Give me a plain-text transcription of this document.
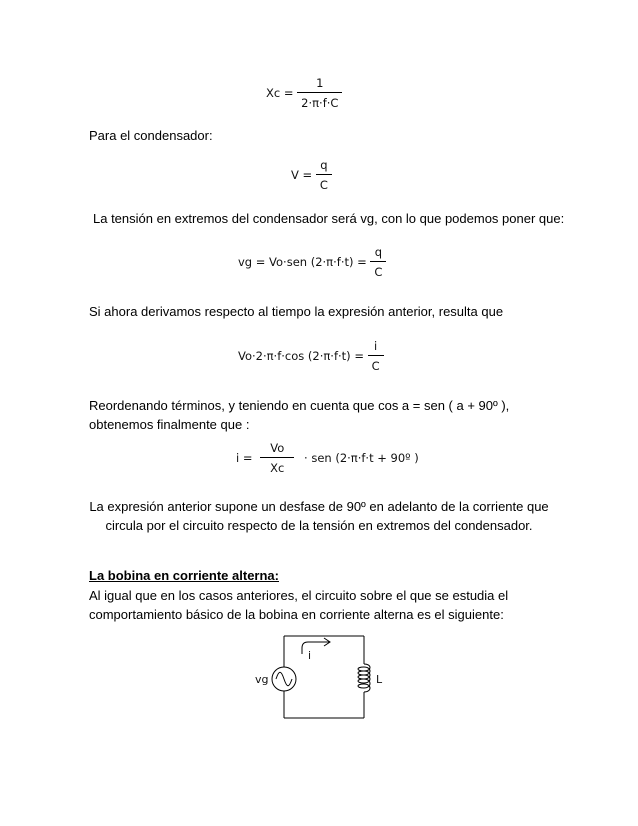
$Xc = \frac{1}{2\cdot\pi\cdot f\cdot C}$

Para el condensador:

$V = \frac{q}{C}$

La tensión en extremos del condensador será vg, con lo que podemos poner que:

vg = Vo·sen $(2\cdot\pi\cdot f\cdot t) = \frac{q}{C}$

Si ahora derivamos respecto al tiempo la expresión anterior, resulta que

Vo·2·π·f·cos $(2\cdot\pi\cdot f\cdot t) = \frac{i}{C}$
Reordenando términos, y teniendo en cuenta que cos a = sen ( a + 90º ),
obtenemos finalmente que :
$i = \frac{Vo}{Xc}$ · sen (2·π·f·t + 90º )
La expresión anterior supone un desfase de 90º en adelanto de la corriente que
circula por el circuito respecto de la tensión en extremos del condensador.

La bobina en corriente alterna:

Al igual que en los casos anteriores, el circuito sobre el que se estudia el
comportamiento básico de la bobina en corriente alterna es el siguiente:
vg
i
L
